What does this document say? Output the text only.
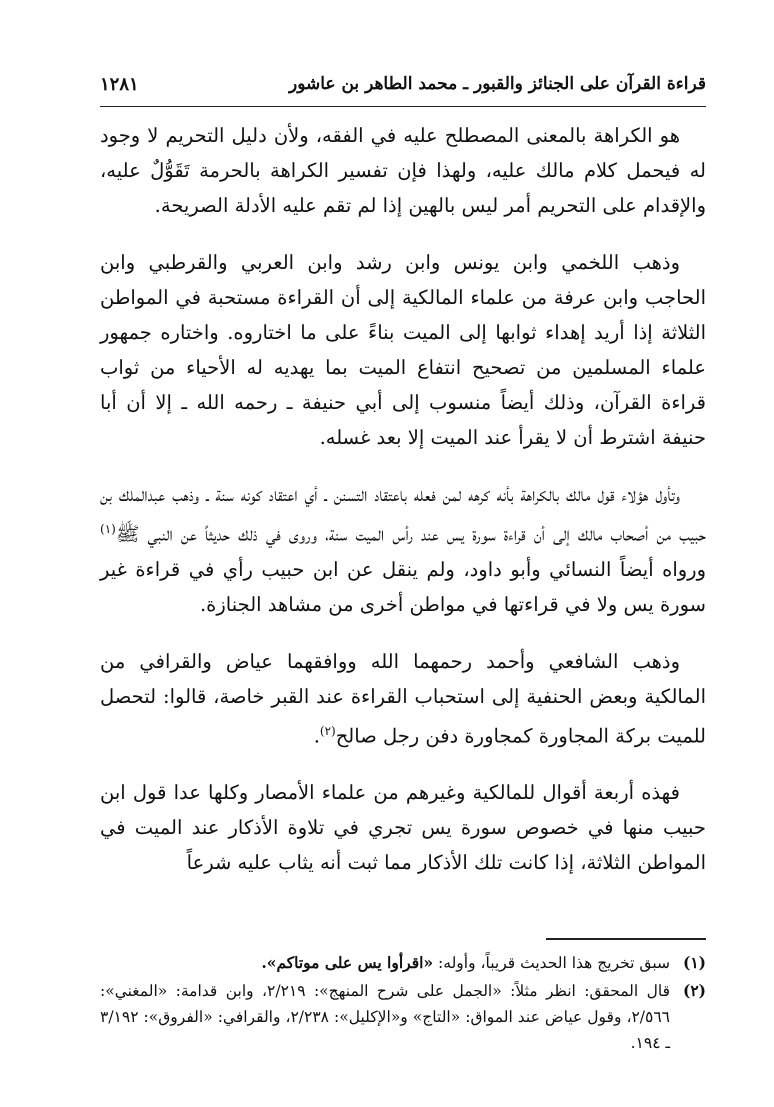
قراءة القرآن على الجنائز والقبور ـ محمد الطاهر بن عاشور
١٢٨١

هو الكراهة بالمعنى المصطلح عليه في الفقه، ولأن دليل التحريم لا وجود له فيحمل كلام مالك عليه، ولهذا فإن تفسير الكراهة بالحرمة تَقَوُّلٌ عليه، والإقدام على التحريم أمر ليس بالهين إذا لم تقم عليه الأدلة الصريحة.

وذهب اللخمي وابن يونس وابن رشد وابن العربي والقرطبي وابن الحاجب وابن عرفة من علماء المالكية إلى أن القراءة مستحبة في المواطن الثلاثة إذا أريد إهداء ثوابها إلى الميت بناءً على ما اختاروه. واختاره جمهور علماء المسلمين من تصحيح انتفاع الميت بما يهديه له الأحياء من ثواب قراءة القرآن، وذلك أيضاً منسوب إلى أبي حنيفة ـ رحمه الله ـ إلا أن أبا حنيفة اشترط أن لا يقرأ عند الميت إلا بعد غسله.

وتأول هؤلاء قول مالك بالكراهة بأنه كرهه لمن فعله باعتقاد التسنن ـ أي اعتقاد كونه سنة ـ وذهب عبدالملك بن حبيب من أصحاب مالك إلى أن قراءة سورة يس عند رأس الميت سنة، وروى في ذلك حديثاً عن النبي ﷺ$^{(١)}$ ورواه أيضاً النسائي وأبو داود، ولم ينقل عن ابن حبيب رأي في قراءة غير سورة يس ولا في قراءتها في مواطن أخرى من مشاهد الجنازة.

وذهب الشافعي وأحمد رحمهما الله ووافقهما عياض والقرافي من المالكية وبعض الحنفية إلى استحباب القراءة عند القبر خاصة، قالوا: لتحصل للميت بركة المجاورة كمجاورة دفن رجل صالح$^{(٢)}$.

فهذه أربعة أقوال للمالكية وغيرهم من علماء الأمصار وكلها عدا قول ابن حبيب منها في خصوص سورة يس تجري في تلاوة الأذكار عند الميت في المواطن الثلاثة، إذا كانت تلك الأذكار مما ثبت أنه يثاب عليه شرعاً

(١)
سبق تخريج هذا الحديث قريباً، وأوله: «اقرأوا يس على موتاكم».

(٢)
قال المحقق: انظر مثلاً: «الجمل على شرح المنهج»: ٢/٢١٩، وابن قدامة: «المغني»: ٢/٥٦٦، وقول عياض عند المواق: «التاج» و«الإكليل»: ٢/٢٣٨، والقرافي: «الفروق»: ٣/١٩٢ ـ ١٩٤.
